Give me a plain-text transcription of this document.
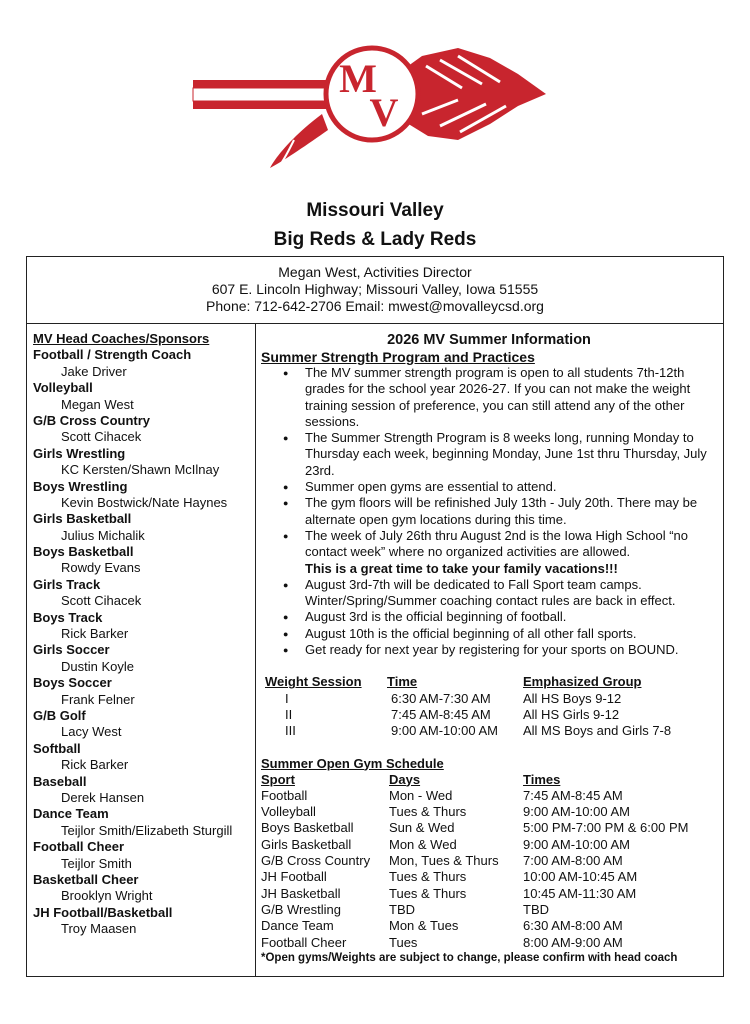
M
V
Missouri Valley
Big Reds & Lady Reds
Megan West, Activities Director
607 E. Lincoln Highway; Missouri Valley, Iowa 51555
Phone: 712-642-2706 Email: mwest@movalleycsd.org
MV Head Coaches/Sponsors
Football / Strength Coach
Jake Driver
Volleyball
Megan West
G/B Cross Country
Scott Cihacek
Girls Wrestling
KC Kersten/Shawn McIlnay
Boys Wrestling
Kevin Bostwick/Nate Haynes
Girls Basketball
Julius Michalik
Boys Basketball
Rowdy Evans
Girls Track
Scott Cihacek
Boys Track
Rick Barker
Girls Soccer
Dustin Koyle
Boys Soccer
Frank Felner
G/B Golf
Lacy West
Softball
Rick Barker
Baseball
Derek Hansen
Dance Team
Teijlor Smith/Elizabeth Sturgill
Football Cheer
Teijlor Smith
Basketball Cheer
Brooklyn Wright
JH Football/Basketball
Troy Maasen
2026 MV Summer Information
Summer Strength Program and Practices
● The MV summer strength program is open to all students 7th-12th grades for the school year 2026-27. If you can not make the weight training session of preference, you can still attend any of the other sessions.
● The Summer Strength Program is 8 weeks long, running Monday to Thursday each week, beginning Monday, June 1st thru Thursday, July 23rd.
● Summer open gyms are essential to attend.
● The gym floors will be refinished July 13th - July 20th. There may be alternate open gym locations during this time.
● The week of July 26th thru August 2nd is the Iowa High School “no contact week” where no organized activities are allowed.
This is a great time to take your family vacations!!!
● August 3rd-7th will be dedicated to Fall Sport team camps. Winter/Spring/Summer coaching contact rules are back in effect.
● August 3rd is the official beginning of football.
● August 10th is the official beginning of all other fall sports.
● Get ready for next year by registering for your sports on BOUND.
Weight Session	Time	Emphasized Group
I	6:30 AM-7:30 AM	All HS Boys 9-12
II	7:45 AM-8:45 AM	All HS Girls 9-12
III	9:00 AM-10:00 AM	All MS Boys and Girls 7-8
Summer Open Gym Schedule
Sport	Days	Times
Football	Mon - Wed	7:45 AM-8:45 AM
Volleyball	Tues & Thurs	9:00 AM-10:00 AM
Boys Basketball	Sun & Wed	5:00 PM-7:00 PM & 6:00 PM
Girls Basketball	Mon & Wed	9:00 AM-10:00 AM
G/B Cross Country	Mon, Tues & Thurs	7:00 AM-8:00 AM
JH Football	Tues & Thurs	10:00 AM-10:45 AM
JH Basketball	Tues & Thurs	10:45 AM-11:30 AM
G/B Wrestling	TBD	TBD
Dance Team	Mon & Tues	6:30 AM-8:00 AM
Football Cheer	Tues	8:00 AM-9:00 AM
*Open gyms/Weights are subject to change, please confirm with head coach
